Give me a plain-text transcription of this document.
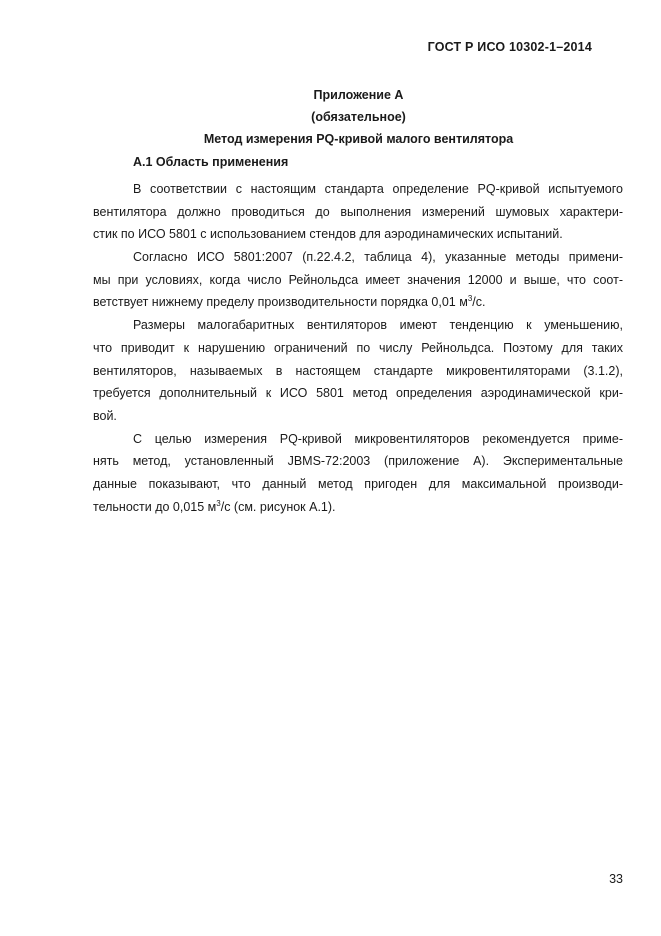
ГОСТ Р ИСО 10302-1–2014
Приложение А
(обязательное)
Метод измерения PQ-кривой малого вентилятора
А.1 Область применения
В соответствии с настоящим стандарта определение PQ-кривой испытуемого
вентилятора должно проводиться до выполнения измерений шумовых характери-
стик по ИСО 5801 с использованием стендов для аэродинамических испытаний.
Согласно ИСО 5801:2007 (п.22.4.2, таблица 4), указанные методы примени-
мы при условиях, когда число Рейнольдса имеет значения 12000 и выше, что соот-
ветствует нижнему пределу производительности порядка 0,01 $м^3/с$.
Размеры малогабаритных вентиляторов имеют тенденцию к уменьшению,
что приводит к нарушению ограничений по числу Рейнольдса. Поэтому для таких
вентиляторов, называемых в настоящем стандарте микровентиляторами (3.1.2),
требуется дополнительный к ИСО 5801 метод определения аэродинамической кри-
вой.
С целью измерения PQ-кривой микровентиляторов рекомендуется приме-
нять метод, установленный JBMS-72:2003 (приложение А). Экспериментальные
данные показывают, что данный метод пригоден для максимальной производи-
тельности до 0,015 $м^3/с$ (см. рисунок А.1).
33
